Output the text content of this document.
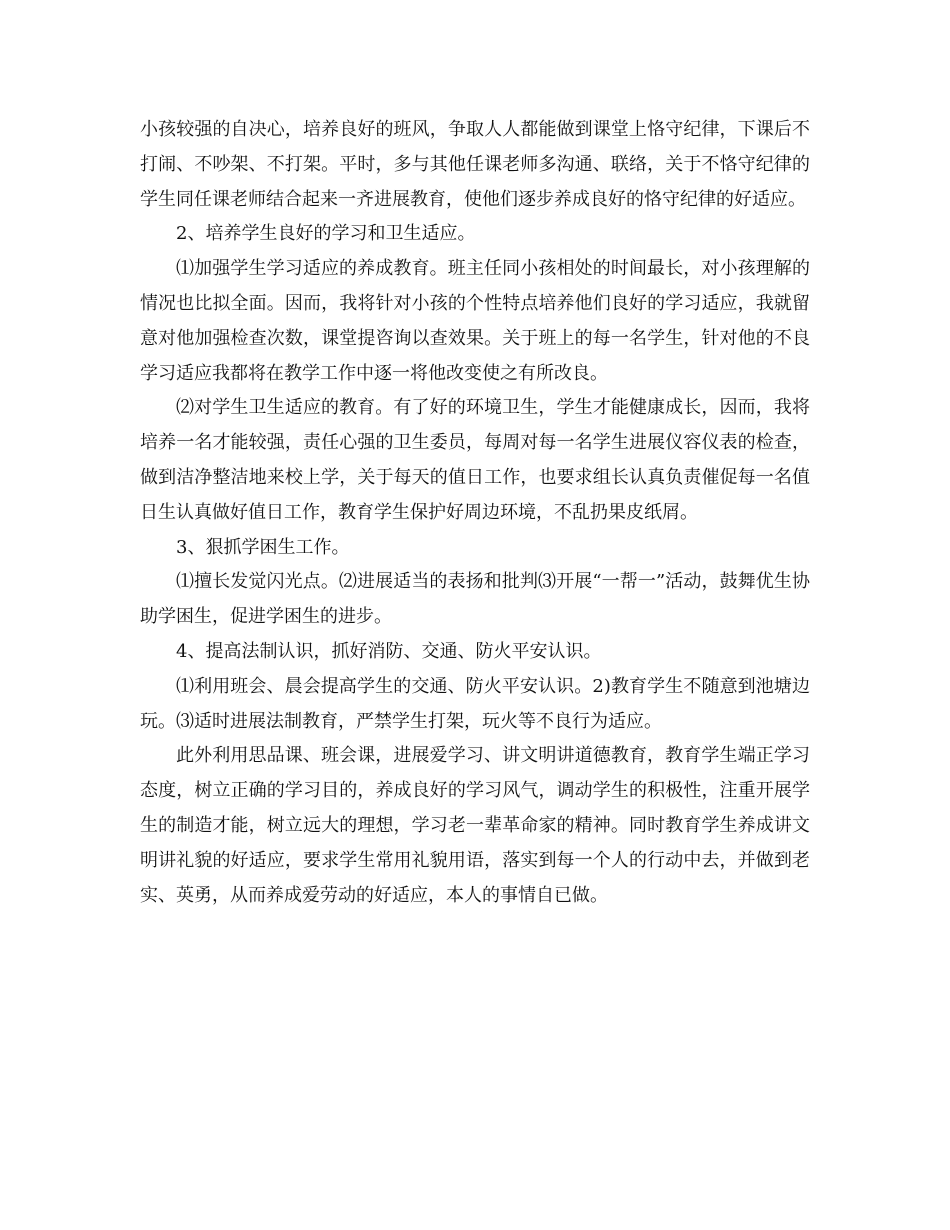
小孩较强的自决心，培养良好的班风，争取人人都能做到课堂上恪守纪律，下课后不打闹、不吵架、不打架。平时，多与其他任课老师多沟通、联络，关于不恪守纪律的学生同任课老师结合起来一齐进展教育，使他们逐步养成良好的恪守纪律的好适应。

2、培养学生良好的学习和卫生适应。

⑴加强学生学习适应的养成教育。班主任同小孩相处的时间最长，对小孩理解的情况也比拟全面。因而，我将针对小孩的个性特点培养他们良好的学习适应，我就留意对他加强检查次数，课堂提咨询以查效果。关于班上的每一名学生，针对他的不良学习适应我都将在教学工作中逐一将他改变使之有所改良。

⑵对学生卫生适应的教育。有了好的环境卫生，学生才能健康成长，因而，我将培养一名才能较强，责任心强的卫生委员，每周对每一名学生进展仪容仪表的检查，做到洁净整洁地来校上学，关于每天的值日工作，也要求组长认真负责催促每一名值日生认真做好值日工作，教育学生保护好周边环境，不乱扔果皮纸屑。

3、狠抓学困生工作。

⑴擅长发觉闪光点。⑵进展适当的表扬和批判⑶开展“一帮一”活动，鼓舞优生协助学困生，促进学困生的进步。

4、提高法制认识，抓好消防、交通、防火平安认识。

⑴利用班会、晨会提高学生的交通、防火平安认识。2)教育学生不随意到池塘边玩。⑶适时进展法制教育，严禁学生打架，玩火等不良行为适应。

此外利用思品课、班会课，进展爱学习、讲文明讲道德教育，教育学生端正学习态度，树立正确的学习目的，养成良好的学习风气，调动学生的积极性，注重开展学生的制造才能，树立远大的理想，学习老一辈革命家的精神。同时教育学生养成讲文明讲礼貌的好适应，要求学生常用礼貌用语，落实到每一个人的行动中去，并做到老实、英勇，从而养成爱劳动的好适应，本人的事情自已做。
